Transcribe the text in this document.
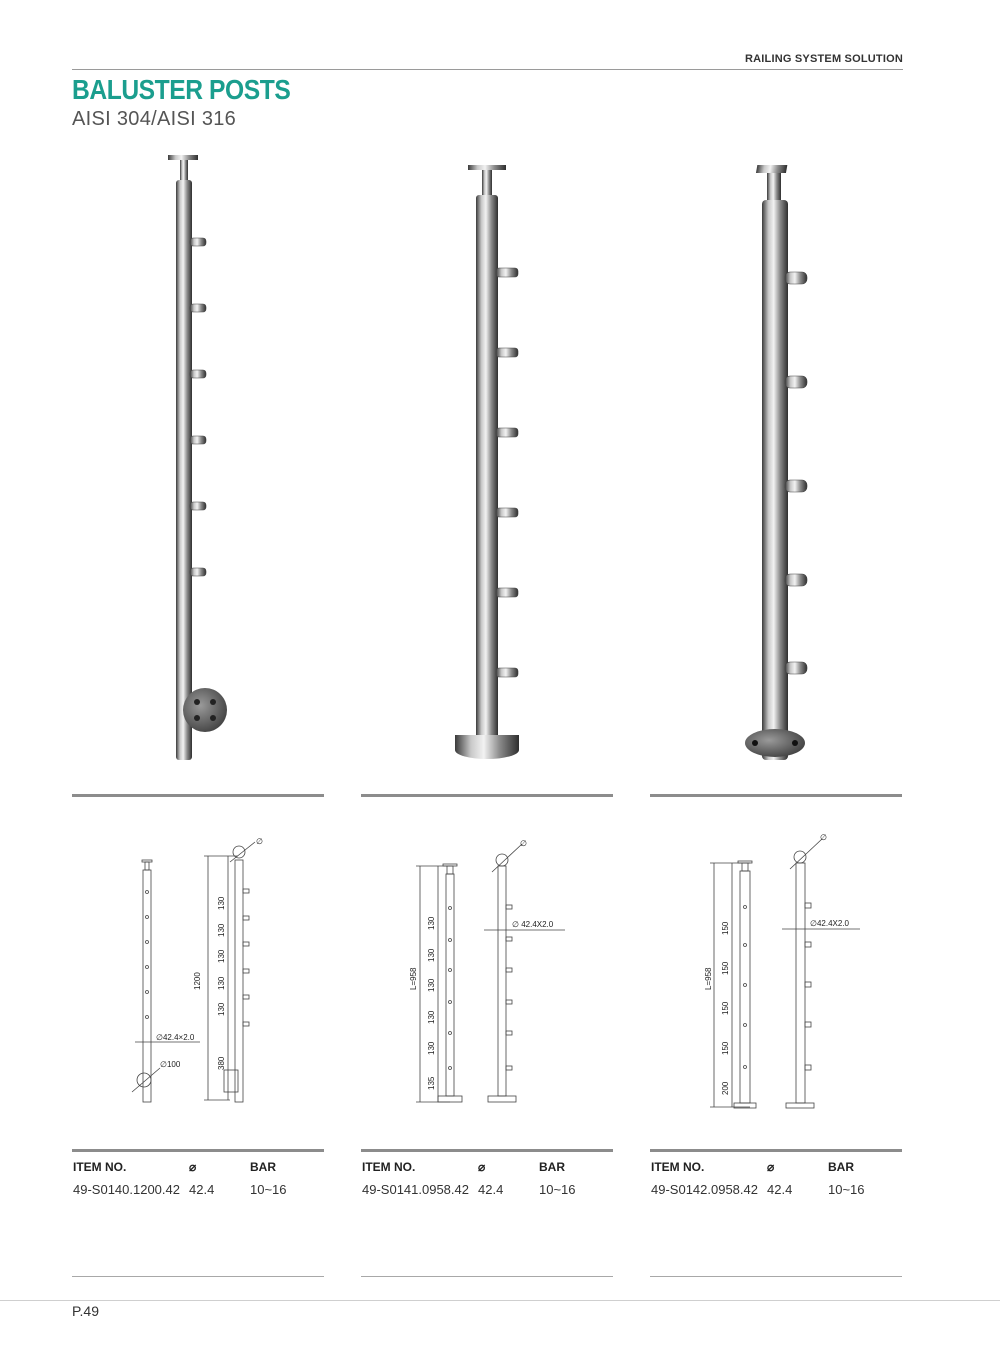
RAILING SYSTEM SOLUTION
BALUSTER POSTS
AISI 304/AISI 316
∅42.4×2.0
∅100
1200
130
130
130
130
130
380
∅
L=958
130
130
130
130
130
135
∅
∅ 42.4X2.0
L=958
150
150
150
150
200
∅
∅42.4X2.0
ITEM NO.	⌀	BAR
49-S0140.1200.42 42.4	10~16
ITEM NO.	⌀	BAR
49-S0141.0958.42 42.4	10~16
ITEM NO.	⌀	BAR
49-S0142.0958.42 42.4	10~16
P.49
